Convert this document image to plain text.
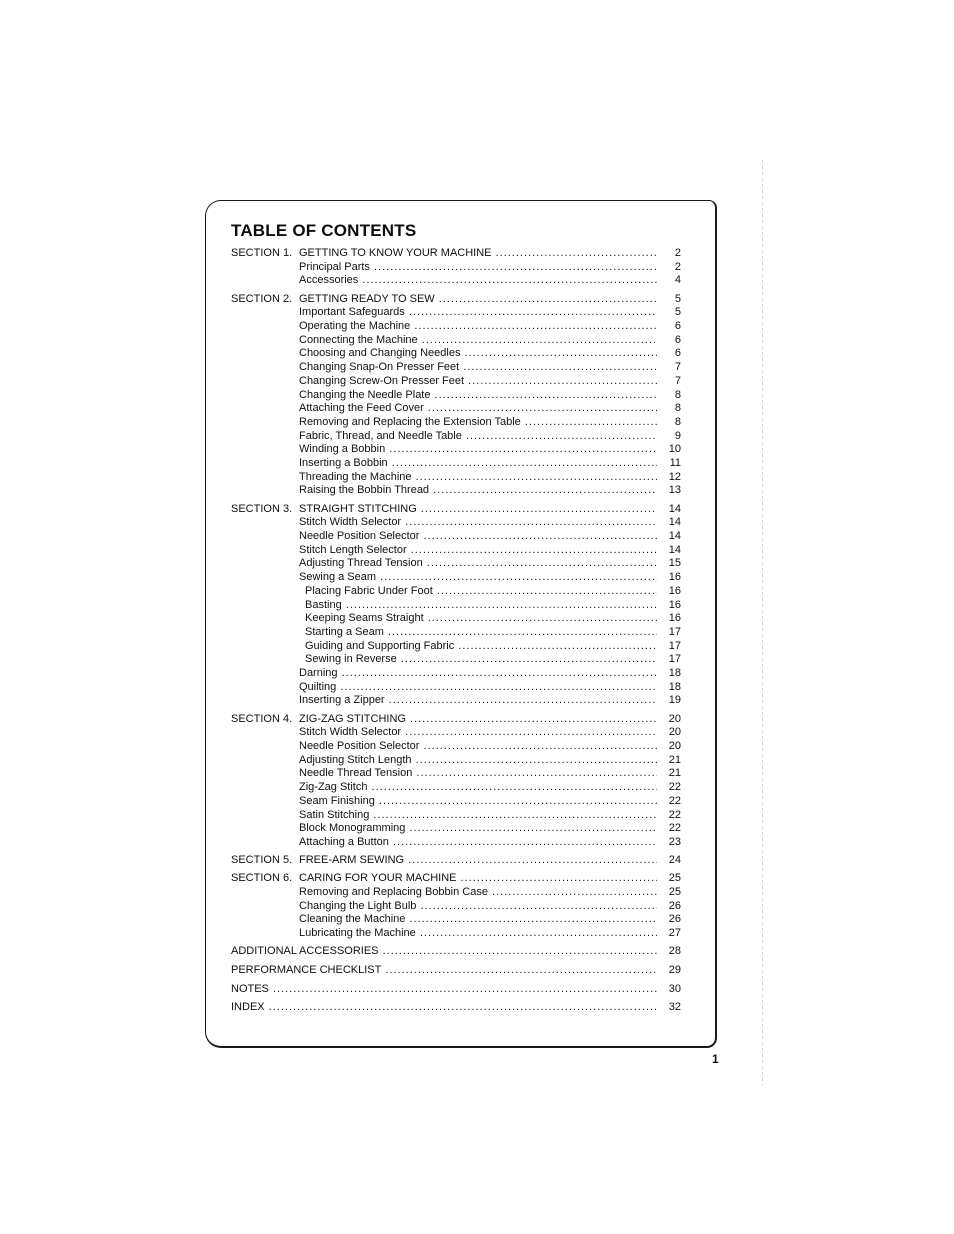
TABLE OF CONTENTS
SECTION 1. GETTING TO KNOW YOUR MACHINE .....	2
Principal Parts .....	2
Accessories .....	4
SECTION 2. GETTING READY TO SEW .....	5
Important Safeguards .....	5
Operating the Machine .....	6
Connecting the Machine .....	6
Choosing and Changing Needles .....	6
Changing Snap-On Presser Feet .....	7
Changing Screw-On Presser Feet .....	7
Changing the Needle Plate .....	8
Attaching the Feed Cover .....	8
Removing and Replacing the Extension Table .....	8
Fabric, Thread, and Needle Table .....	9
Winding a Bobbin .....	10
Inserting a Bobbin .....	11
Threading the Machine .....	12
Raising the Bobbin Thread .....	13
SECTION 3. STRAIGHT STITCHING .....	14
Stitch Width Selector .....	14
Needle Position Selector .....	14
Stitch Length Selector .....	14
Adjusting Thread Tension .....	15
Sewing a Seam .....	16
Placing Fabric Under Foot .....	16
Basting .....	16
Keeping Seams Straight .....	16
Starting a Seam .....	17
Guiding and Supporting Fabric .....	17
Sewing in Reverse .....	17
Darning .....	18
Quilting .....	18
Inserting a Zipper .....	19
SECTION 4. ZIG-ZAG STITCHING .....	20
Stitch Width Selector .....	20
Needle Position Selector .....	20
Adjusting Stitch Length .....	21
Needle Thread Tension .....	21
Zig-Zag Stitch .....	22
Seam Finishing .....	22
Satin Stitching .....	22
Block Monogramming .....	22
Attaching a Button .....	23
SECTION 5. FREE-ARM SEWING .....	24
SECTION 6. CARING FOR YOUR MACHINE .....	25
Removing and Replacing Bobbin Case .....	25
Changing the Light Bulb .....	26
Cleaning the Machine .....	26
Lubricating the Machine .....	27
ADDITIONAL ACCESSORIES .....	28
PERFORMANCE CHECKLIST .....	29
NOTES .....	30
INDEX .....	32
1
